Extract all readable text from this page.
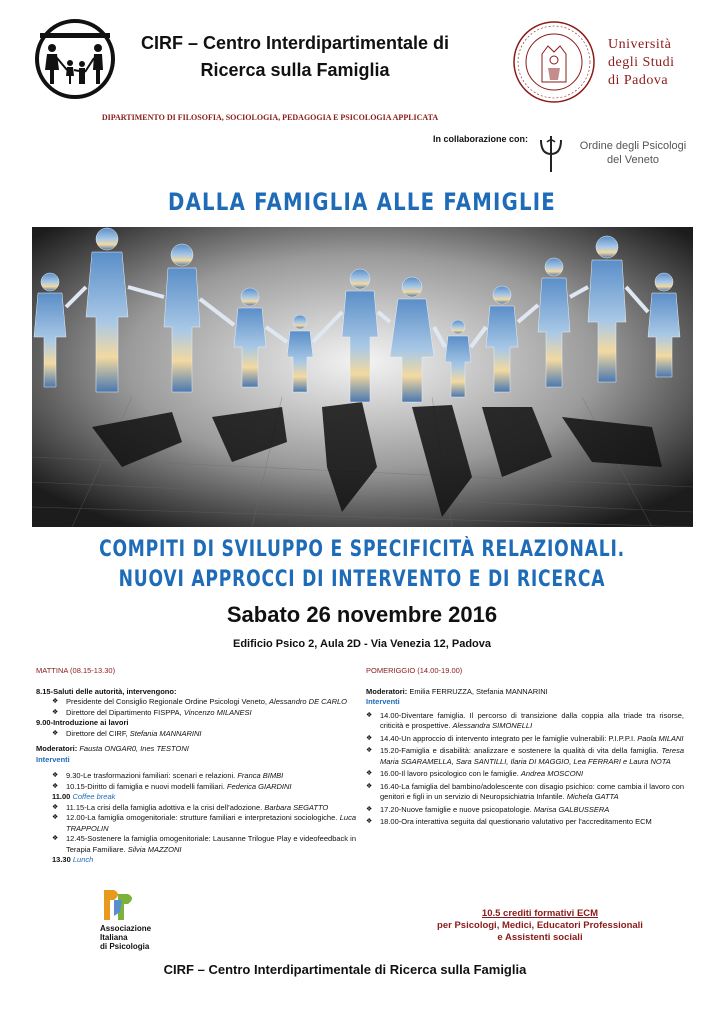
CIRF – Centro Interdipartimentale di
Ricerca sulla Famiglia
Università
degli Studi
di Padova
DIPARTIMENTO DI FILOSOFIA, SOCIOLOGIA, PEDAGOGIA E PSICOLOGIA APPLICATA
In collaborazione con:
Ordine degli Psicologi
del Veneto
DALLA FAMIGLIA ALLE FAMIGLIE
COMPITI DI SVILUPPO E SPECIFICITÀ RELAZIONALI.
NUOVI APPROCCI DI INTERVENTO E DI RICERCA
Sabato 26 novembre 2016
Edificio Psico 2, Aula 2D - Via Venezia 12, Padova
MATTINA (08.15-13.30)
8.15-Saluti delle autorità, intervengono:
❖ Presidente del Consiglio Regionale Ordine Psicologi Veneto, Alessandro DE CARLO
❖ Direttore del Dipartimento FISPPA, Vincenzo MILANESI
9.00-Introduzione ai lavori
❖ Direttore del CIRF, Stefania MANNARINI
Moderatori: Fausta ONGAR0, Ines TESTONI
Interventi
❖ 9.30-Le trasformazioni familiari: scenari e relazioni. Franca BIMBI
❖ 10.15-Diritto di famiglia e nuovi modelli familiari. Federica GIARDINI
11.00 Coffee break
❖ 11.15-La crisi della famiglia adottiva e la crisi dell’adozione. Barbara SEGATTO
❖ 12.00-La famiglia omogenitoriale: strutture familiari e interpretazioni sociologiche. Luca TRAPPOLIN
❖ 12.45-Sostenere la famiglia omogenitoriale: Lausanne Trilogue Play e videofeedback in Terapia Familiare. Silvia MAZZONI
13.30 Lunch
POMERIGGIO (14.00-19.00)
Moderatori: Emilia FERRUZZA, Stefania MANNARINI
Interventi
❖ 14.00-Diventare famiglia. Il percorso di transizione dalla coppia alla triade tra risorse, criticità e prospettive. Alessandra SIMONELLI
❖ 14.40-Un approccio di intervento integrato per le famiglie vulnerabili: P.I.P.P.I. Paola MILANI
❖ 15.20-Famiglia e disabilità: analizzare e sostenere la qualità di vita della famiglia. Teresa Maria SGARAMELLA, Sara SANTILLI, Ilaria DI MAGGIO, Lea FERRARI e Laura NOTA
❖ 16.00-Il lavoro psicologico con le famiglie. Andrea MOSCONI
❖ 16.40-La famiglia del bambino/adolescente con disagio psichico: come cambia il lavoro con genitori e figli in un servizio di Neuropsichiatria Infantile. Michela GATTA
❖ 17.20-Nuove famiglie e nuove psicopatologie. Marisa GALBUSSERA
❖ 18.00-Ora interattiva seguita dal questionario valutativo per l’accreditamento ECM
Associazione
Italiana
di Psicologia
10.5 crediti formativi ECM
per Psicologi, Medici, Educatori Professionali
e Assistenti sociali
CIRF – Centro Interdipartimentale di Ricerca sulla Famiglia
